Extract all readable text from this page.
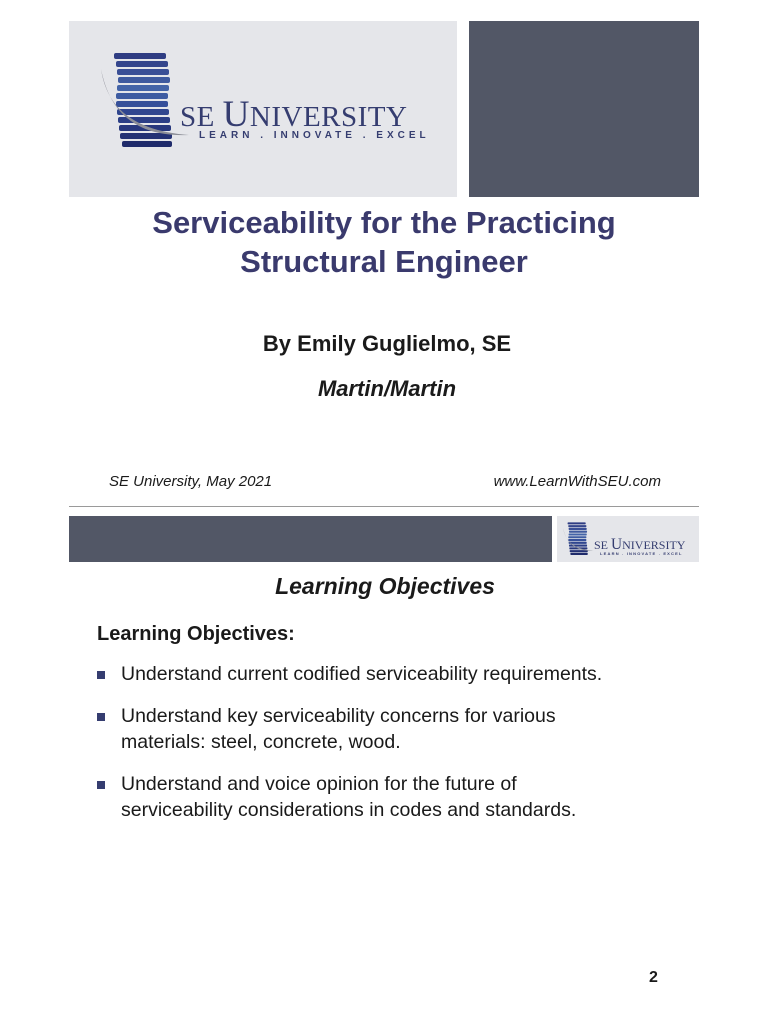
SE UNIVERSITY
LEARN . INNOVATE . EXCEL
Serviceability for the Practicing
Structural Engineer
By Emily Guglielmo, SE
Martin/Martin
SE University, May 2021	www.LearnWithSEU.com
SE UNIVERSITY
LEARN . INNOVATE . EXCEL
Learning Objectives
Learning Objectives:
Understand current codified serviceability requirements.
Understand key serviceability concerns for various
materials: steel, concrete, wood.
Understand and voice opinion for the future of
serviceability considerations in codes and standards.
2
